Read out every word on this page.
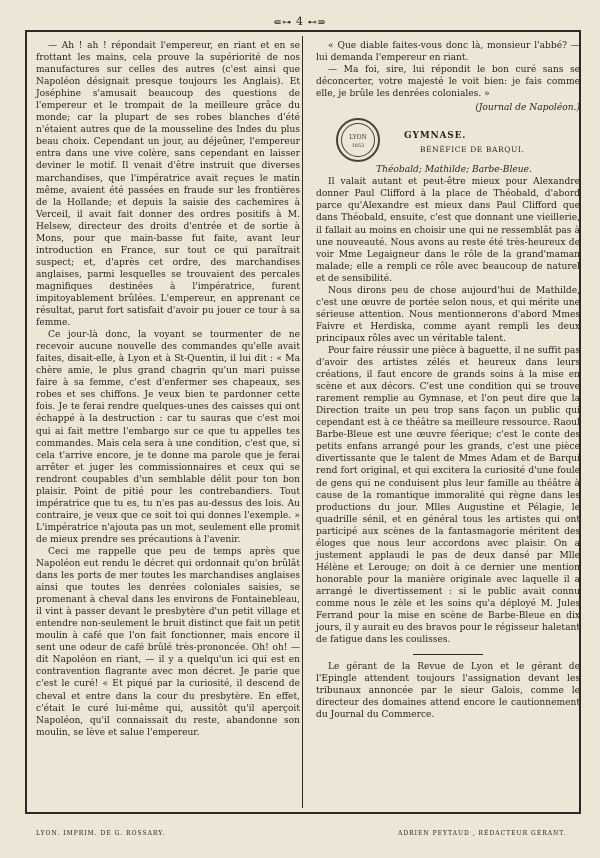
⇚⊶ 4 ⊷⇛

— Ah ! ah ! répondait l'empereur, en riant et en se frottant les mains, cela prouve la supériorité de nos manufactures sur celles des autres (c'est ainsi que Napoléon désignait presque toujours les Anglais). Et Joséphine s'amusait beaucoup des questions de l'empereur et le trompait de la meilleure grâce du monde; car la plupart de ses robes blanches d'été n'étaient autres que de la mousseline des Indes du plus beau choix. Cependant un jour, au déjeûner, l'empereur entra dans une vive colère, sans cependant en laisser deviner le motif. Il venait d'être instruit que diverses marchandises, que l'impératrice avait reçues le matin même, avaient été passées en fraude sur les frontières de la Hollande; et depuis la saisie des cachemires à Verceil, il avait fait donner des ordres positifs à M. Helsew, directeur des droits d'entrée et de sortie à Mons, pour que main-basse fut faite, avant leur introduction en France, sur tout ce qui paraîtrait suspect; et, d'après cet ordre, des marchandises anglaises, parmi lesquelles se trouvaient des percales magnifiques destinées à l'impératrice, furent impitoyablement brûlées. L'empereur, en apprenant ce résultat, parut fort satisfait d'avoir pu jouer ce tour à sa femme.

Ce jour-là donc, la voyant se tourmenter de ne recevoir aucune nouvelle des commandes qu'elle avait faites, disait-elle, à Lyon et à St-Quentin, il lui dit : « Ma chère amie, le plus grand chagrin qu'un mari puisse faire à sa femme, c'est d'enfermer ses chapeaux, ses robes et ses chiffons. Je veux bien te pardonner cette fois. Je te ferai rendre quelques-unes des caisses qui ont échappé à la destruction : car tu sauras que c'est moi qui ai fait mettre l'embargo sur ce que tu appelles tes commandes. Mais cela sera à une condition, c'est que, si cela t'arrive encore, je te donne ma parole que je ferai arrêter et juger les commissionnaires et ceux qui se rendront coupables d'un semblable délit pour ton bon plaisir. Point de pitié pour les contrebandiers. Tout impératrice que tu es, tu n'es pas au-dessus des lois. Au contraire, je veux que ce soit toi qui donnes l'exemple. » L'impératrice n'ajouta pas un mot, seulement elle promit de mieux prendre ses précautions à l'avenir.

Ceci me rappelle que peu de temps après que Napoléon eut rendu le décret qui ordonnait qu'on brûlât dans les ports de mer toutes les marchandises anglaises ainsi que toutes les denrées coloniales saisies, se promenant à cheval dans les environs de Fontainebleau, il vint à passer devant le presbytère d'un petit village et entendre non-seulement le bruit distinct que fait un petit moulin à café que l'on fait fonctionner, mais encore il sent une odeur de café brûlé très-prononcée. Oh! oh! — dit Napoléon en riant, — il y a quelqu'un ici qui est en contravention flagrante avec mon décret. Je parie que c'est le curé! « Et piqué par la curiosité, il descend de cheval et entre dans la cour du presbytère. En effet, c'était le curé lui-même qui, aussitôt qu'il aperçoit Napoléon, qu'il connaissait du reste, abandonne son moulin, se lève et salue l'empereur.

« Que diable faites-vous donc là, monsieur l'abbé? — lui demanda l'empereur en riant.

— Ma foi, sire, lui répondit le bon curé sans se déconcerter, votre majesté le voit bien: je fais comme elle, je brûle les denrées coloniales. »

(Journal de Napoléon.)

LYON
1853
GYMNASE.
BÉNÉFICE DE BARQUI.

Théobald; Mathilde; Barbe-Bleue.

Il valait autant et peut-être mieux pour Alexandre donner Paul Clifford à la place de Théobald, d'abord parce qu'Alexandre est mieux dans Paul Clifford que dans Théobald, ensuite, c'est que donnant une vieillerie, il fallait au moins en choisir une qui ne ressemblât pas à une nouveauté. Nous avons au reste été très-heureux de voir Mme Legaigneur dans le rôle de la grand'maman malade; elle a rempli ce rôle avec beaucoup de naturel et de sensibilité.

Nous dirons peu de chose aujourd'hui de Mathilde, c'est une œuvre de portée selon nous, et qui mérite une sérieuse attention. Nous mentionnerons d'abord Mmes Faivre et Herdiska, comme ayant rempli les deux principaux rôles avec un véritable talent.

Pour faire réussir une pièce à baguette, il ne suffit pas d'avoir des artistes zélés et heureux dans leurs créations, il faut encore de grands soins à la mise en scène et aux décors. C'est une condition qui se trouve rarement remplie au Gymnase, et l'on peut dire que la Direction traite un peu trop sans façon un public qui cependant est à ce théâtre sa meilleure ressource. Raoul Barbe-Bleue est une œuvre féerique; c'est le conte des petits enfans arrangé pour les grands, c'est une pièce divertissante que le talent de Mmes Adam et de Barqui rend fort original, et qui excitera la curiosité d'une foule de gens qui ne conduisent plus leur famille au théâtre à cause de la romantique immoralité qui règne dans les productions du jour. Mlles Augustine et Pélagie, le quadrille sénil, et en général tous les artistes qui ont participé aux scènes de la fantasmagorie méritent des éloges que nous leur accordons avec plaisir. On a justement applaudi le pas de deux dansé par Mlle Hélène et Lerouge; on doit à ce dernier une mention honorable pour la manière originale avec laquelle il a arrangé le divertissement : si le public avait connu comme nous le zèle et les soins qu'a déployé M. Jules Ferrand pour la mise en scène de Barbe-Bleue en dix jours, il y aurait eu des bravos pour le régisseur haletant de fatigue dans les coulisses.

Le gérant de la Revue de Lyon et le gérant de l'Epingle attendent toujours l'assignation devant les tribunaux annoncée par le sieur Galois, comme le directeur des domaines attend encore le cautionnement du Journal du Commerce.

LYON. IMPRIM. DE G. ROSSARY.	ADRIEN PEYTAUD , RÉDACTEUR GÉRANT.
